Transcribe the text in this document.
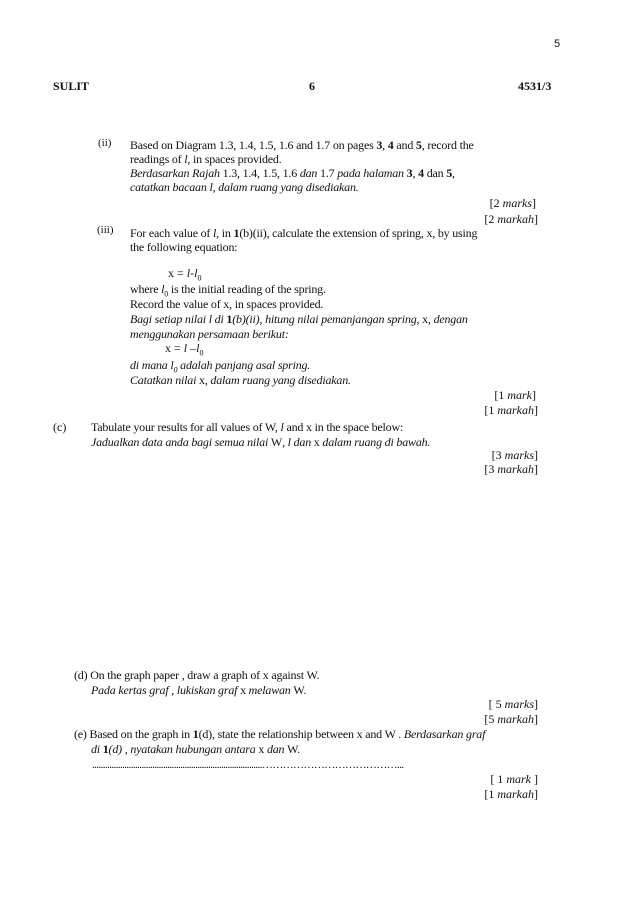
5
SULIT	6	4531/3
(ii) Based on Diagram 1.3, 1.4, 1.5, 1.6 and 1.7 on pages 3, 4 and 5, record the
readings of l, in spaces provided.
Berdasarkan Rajah 1.3, 1.4, 1.5, 1.6 dan 1.7 pada halaman 3, 4 dan 5,
catatkan bacaan l, dalam ruang yang disediakan.
[2 marks]
[2 markah]
(iii) For each value of l, in 1(b)(ii), calculate the extension of spring, x, by using
the following equation:
$x = l-l_0$
where $l_0$ is the initial reading of the spring.
Record the value of x, in spaces provided.
Bagi setiap nilai l di 1(b)(ii), hitung nilai pemanjangan spring, x, dengan
menggunakan persamaan berikut:
x = l $-l_0$
di mana $l_0$ adalah panjang asal spring.
Catatkan nilai x, dalam ruang yang disediakan.
[1 mark]
[1 markah]
(c) Tabulate your results for all values of W, l and x in the space below:
Jadualkan data anda bagi semua nilai W, l dan x dalam ruang di bawah.
[3 marks]
[3 markah]
(d) On the graph paper , draw a graph of x against W.
Pada kertas graf , lukiskan graf x melawan W.
[ 5 marks]
[5 markah]
(e) Based on the graph in 1(d), state the relationship between x and W . Berdasarkan graf
di 1(d) , nyatakan hubungan antara x dan W.
...............................................................................…………………………………...
[ 1 mark ]
[1 markah]
